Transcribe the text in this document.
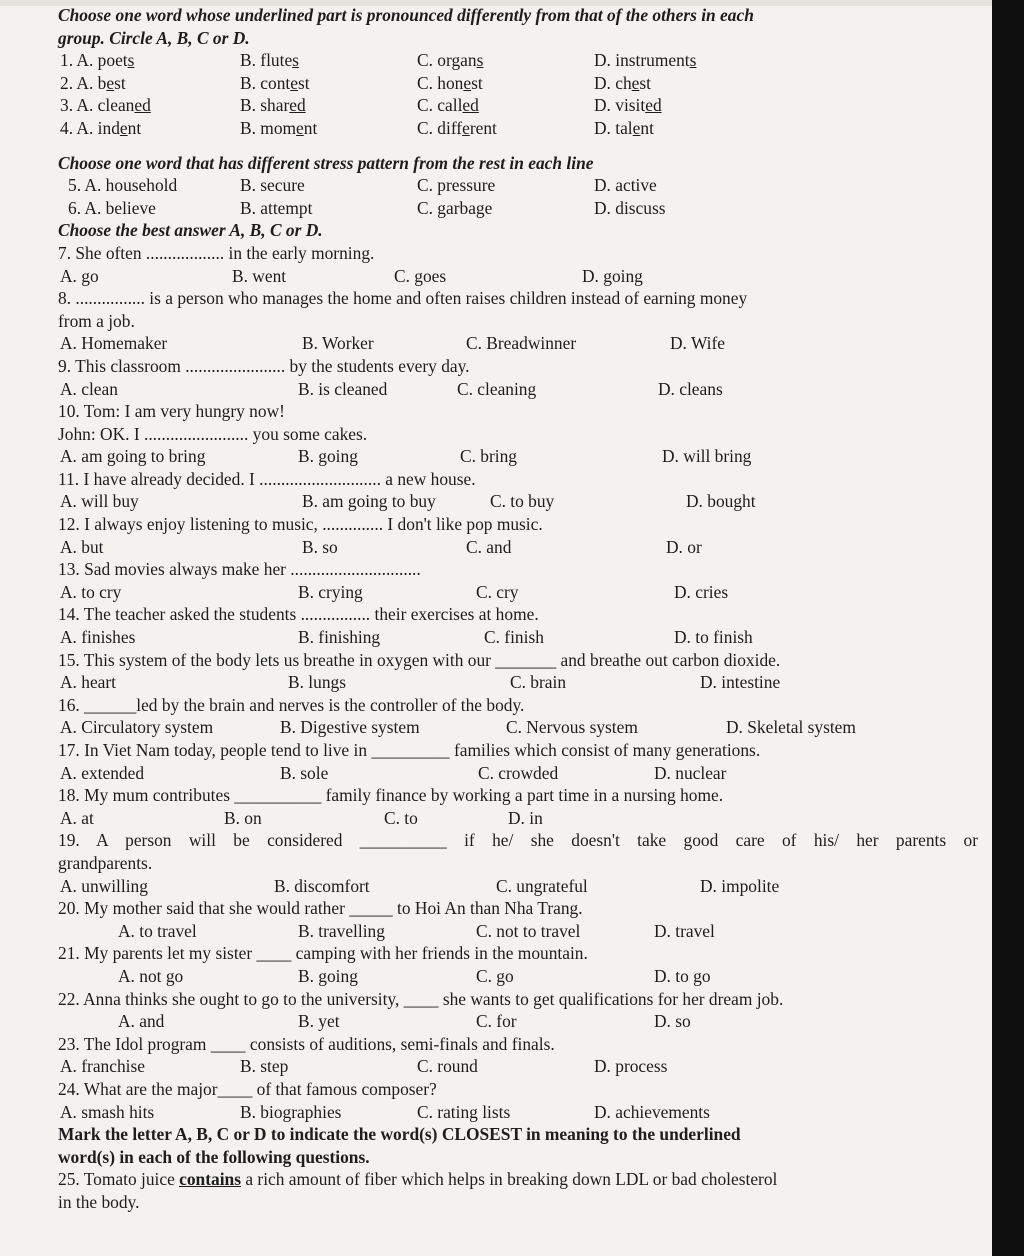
Choose one word whose underlined part is pronounced differently from that of the others in each
group. Circle A, B, C or D.
1. A. poets	B. flutes	C. organs	D. instruments
2. A. best	B. contest	C. honest	D. chest
3. A. cleaned	B. shared	C. called	D. visited
4. A. indent	B. moment	C. different	D. talent
Choose one word that has different stress pattern from the rest in each line
5. A. household	B. secure	C. pressure	D. active
6. A. believe	B. attempt	C. garbage	D. discuss
Choose the best answer A, B, C or D.
7. She often .................. in the early morning.
A. go	B. went	C. goes	D. going
8. ................ is a person who manages the home and often raises children instead of earning money
from a job.
A. Homemaker	B. Worker	C. Breadwinner	D. Wife
9. This classroom ....................... by the students every day.
A. clean	B. is cleaned	C. cleaning	D. cleans
10. Tom: I am very hungry now!
John: OK. I ........................ you some cakes.
A. am going to bring	B. going	C. bring	D. will bring
11. I have already decided. I ............................ a new house.
A. will buy	B. am going to buy	C. to buy	D. bought
12. I always enjoy listening to music, .............. I don't like pop music.
A. but	B. so	C. and	D. or
13. Sad movies always make her ..............................
A. to cry	B. crying	C. cry	D. cries
14. The teacher asked the students ................ their exercises at home.
A. finishes	B. finishing	C. finish	D. to finish
15. This system of the body lets us breathe in oxygen with our _______ and breathe out carbon dioxide.
A. heart	B. lungs	C. brain	D. intestine
16. ______led by the brain and nerves is the controller of the body.
A. Circulatory system	B. Digestive system	C. Nervous system	D. Skeletal system
17. In Viet Nam today, people tend to live in _________ families which consist of many generations.
A. extended	B. sole	C. crowded	D. nuclear
18. My mum contributes __________ family finance by working a part time in a nursing home.
A. at	B. on	C. to	D. in
19. A person will be considered __________ if he/ she doesn't take good care of his/ her parents or
grandparents.
A. unwilling	B. discomfort	C. ungrateful	D. impolite
20. My mother said that she would rather _____ to Hoi An than Nha Trang.
A. to travel	B. travelling	C. not to travel	D. travel
21. My parents let my sister ____ camping with her friends in the mountain.
A. not go	B. going	C. go	D. to go
22. Anna thinks she ought to go to the university, ____ she wants to get qualifications for her dream job.
A. and	B. yet	C. for	D. so
23. The Idol program ____ consists of auditions, semi-finals and finals.
A. franchise	B. step	C. round	D. process
24. What are the major____ of that famous composer?
A. smash hits	B. biographies	C. rating lists	D. achievements
Mark the letter A, B, C or D to indicate the word(s) CLOSEST in meaning to the underlined
word(s) in each of the following questions.
25. Tomato juice contains a rich amount of fiber which helps in breaking down LDL or bad cholesterol
in the body.
